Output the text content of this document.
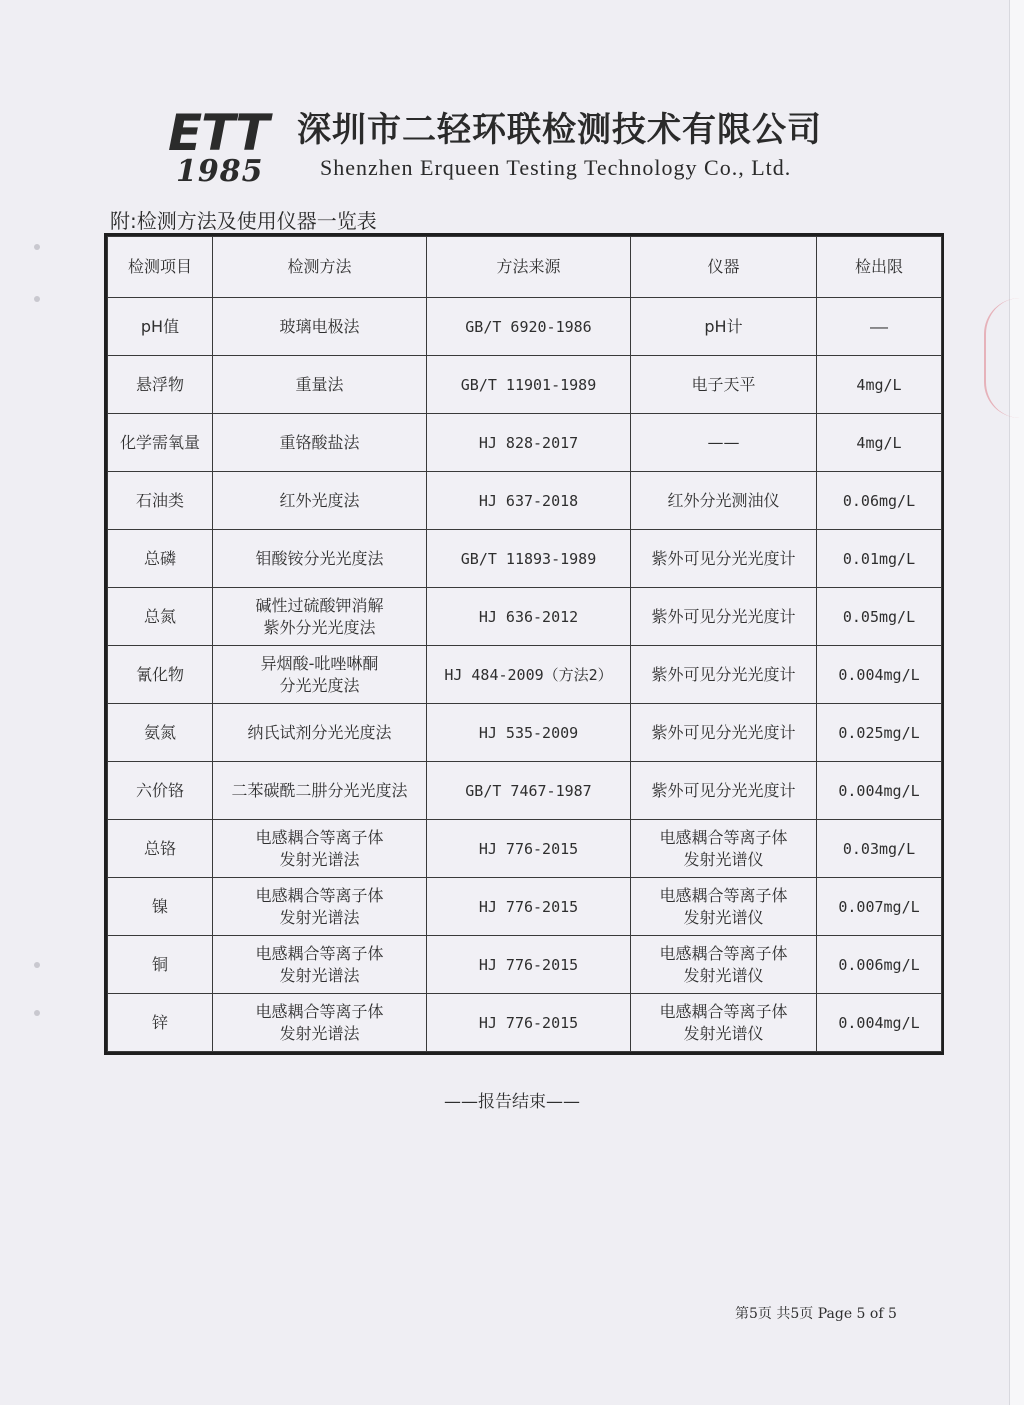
ETT
1985
深圳市二轻环联检测技术有限公司
Shenzhen Erqueen Testing Technology Co., Ltd.
附:检测方法及使用仪器一览表
检测项目	检测方法	方法来源	仪器	检出限
pH值	玻璃电极法	GB/T 6920-1986	pH计	——
悬浮物	重量法	GB/T 11901-1989	电子天平	4mg/L
化学需氧量	重铬酸盐法	HJ 828-2017	——	4mg/L
石油类	红外光度法	HJ 637-2018	红外分光测油仪	0.06mg/L
总磷	钼酸铵分光光度法	GB/T 11893-1989	紫外可见分光光度计	0.01mg/L
总氮	碱性过硫酸钾消解
紫外分光光度法	HJ 636-2012	紫外可见分光光度计	0.05mg/L
氰化物	异烟酸-吡唑啉酮
分光光度法	HJ 484-2009（方法2）	紫外可见分光光度计	0.004mg/L
氨氮	纳氏试剂分光光度法	HJ 535-2009	紫外可见分光光度计	0.025mg/L
六价铬	二苯碳酰二肼分光光度法	GB/T 7467-1987	紫外可见分光光度计	0.004mg/L
总铬	电感耦合等离子体
发射光谱法	HJ 776-2015	电感耦合等离子体
发射光谱仪	0.03mg/L
镍	电感耦合等离子体
发射光谱法	HJ 776-2015	电感耦合等离子体
发射光谱仪	0.007mg/L
铜	电感耦合等离子体
发射光谱法	HJ 776-2015	电感耦合等离子体
发射光谱仪	0.006mg/L
锌	电感耦合等离子体
发射光谱法	HJ 776-2015	电感耦合等离子体
发射光谱仪	0.004mg/L
——报告结束——
第5页 共5页 Page 5 of 5
